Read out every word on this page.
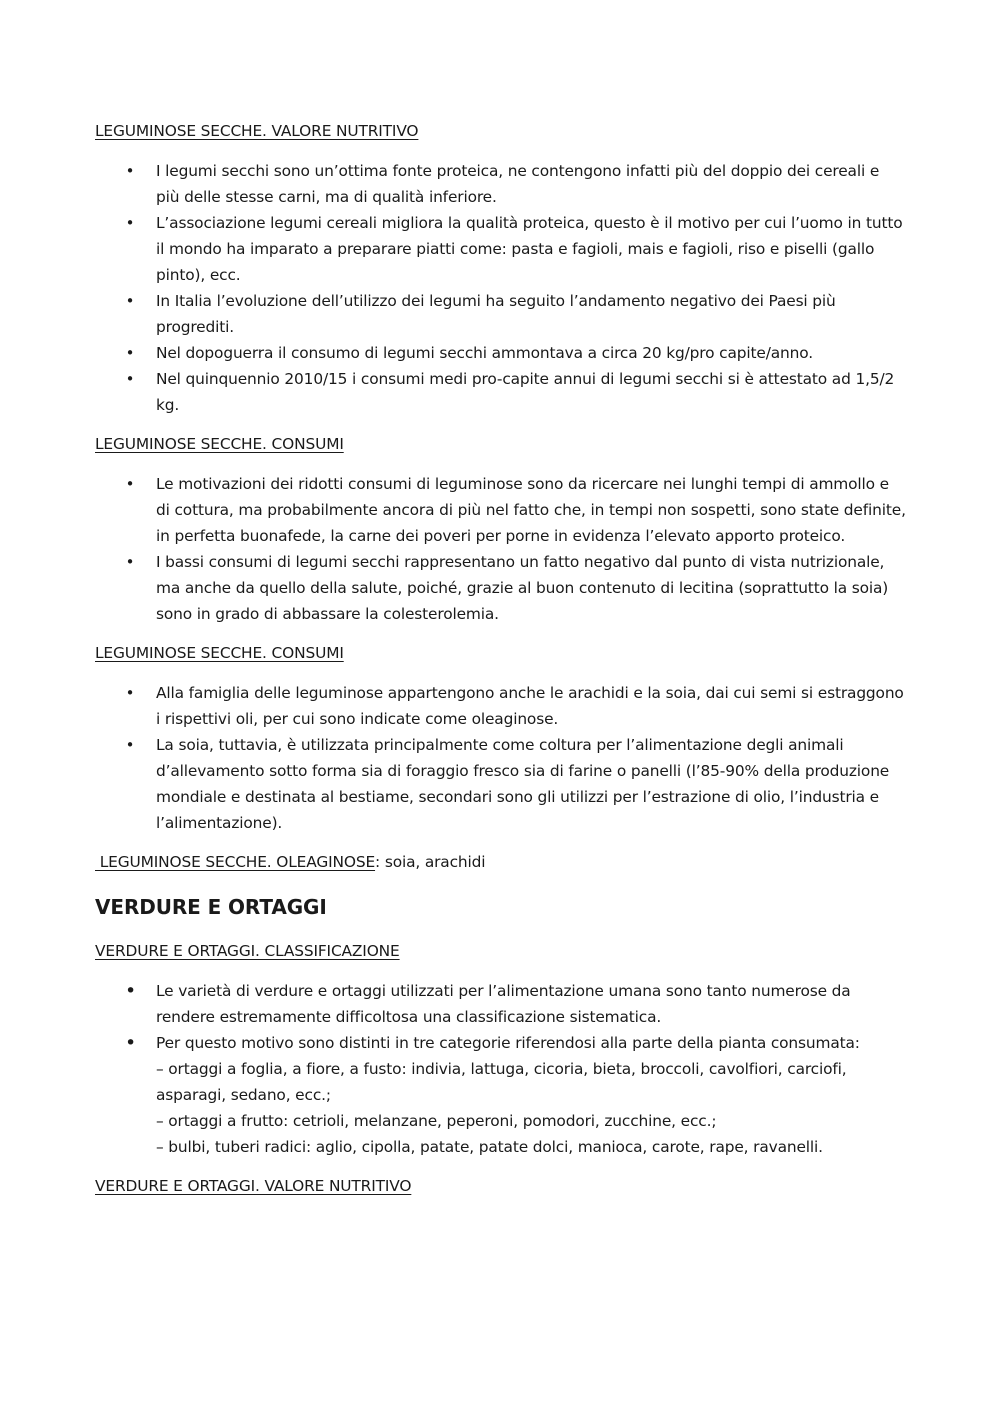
LEGUMINOSE SECCHE. VALORE NUTRITIVO

• I legumi secchi sono un’ottima fonte proteica, ne contengono infatti più del doppio dei cereali e più delle stesse carni, ma di qualità inferiore.
• L’associazione legumi cereali migliora la qualità proteica, questo è il motivo per cui l’uomo in tutto il mondo ha imparato a preparare piatti come: pasta e fagioli, mais e fagioli, riso e piselli (gallo pinto), ecc.
• In Italia l’evoluzione dell’utilizzo dei legumi ha seguito l’andamento negativo dei Paesi più progrediti.
• Nel dopoguerra il consumo di legumi secchi ammontava a circa 20 kg/pro capite/anno.
• Nel quinquennio 2010/15 i consumi medi pro-capite annui di legumi secchi si è attestato ad 1,5/2 kg.

LEGUMINOSE SECCHE. CONSUMI

• Le motivazioni dei ridotti consumi di leguminose sono da ricercare nei lunghi tempi di ammollo e di cottura, ma probabilmente ancora di più nel fatto che, in tempi non sospetti, sono state definite, in perfetta buonafede, la carne dei poveri per porne in evidenza l’elevato apporto proteico.
• I bassi consumi di legumi secchi rappresentano un fatto negativo dal punto di vista nutrizionale, ma anche da quello della salute, poiché, grazie al buon contenuto di lecitina (soprattutto la soia) sono in grado di abbassare la colesterolemia.

LEGUMINOSE SECCHE. CONSUMI

• Alla famiglia delle leguminose appartengono anche le arachidi e la soia, dai cui semi si estraggono i rispettivi oli, per cui sono indicate come oleaginose.
• La soia, tuttavia, è utilizzata principalmente come coltura per l’alimentazione degli animali d’allevamento sotto forma sia di foraggio fresco sia di farine o panelli (l’85-90% della produzione mondiale e destinata al bestiame, secondari sono gli utilizzi per l’estrazione di olio, l’industria e l’alimentazione).

LEGUMINOSE SECCHE. OLEAGINOSE: soia, arachidi

VERDURE E ORTAGGI

VERDURE E ORTAGGI. CLASSIFICAZIONE

• Le varietà di verdure e ortaggi utilizzati per l’alimentazione umana sono tanto numerose da rendere estremamente difficoltosa una classificazione sistematica.
• Per questo motivo sono distinti in tre categorie riferendosi alla parte della pianta consumata:
– ortaggi a foglia, a fiore, a fusto: indivia, lattuga, cicoria, bieta, broccoli, cavolfiori, carciofi, asparagi, sedano, ecc.;
– ortaggi a frutto: cetrioli, melanzane, peperoni, pomodori, zucchine, ecc.;
– bulbi, tuberi radici: aglio, cipolla, patate, patate dolci, manioca, carote, rape, ravanelli.

VERDURE E ORTAGGI. VALORE NUTRITIVO
